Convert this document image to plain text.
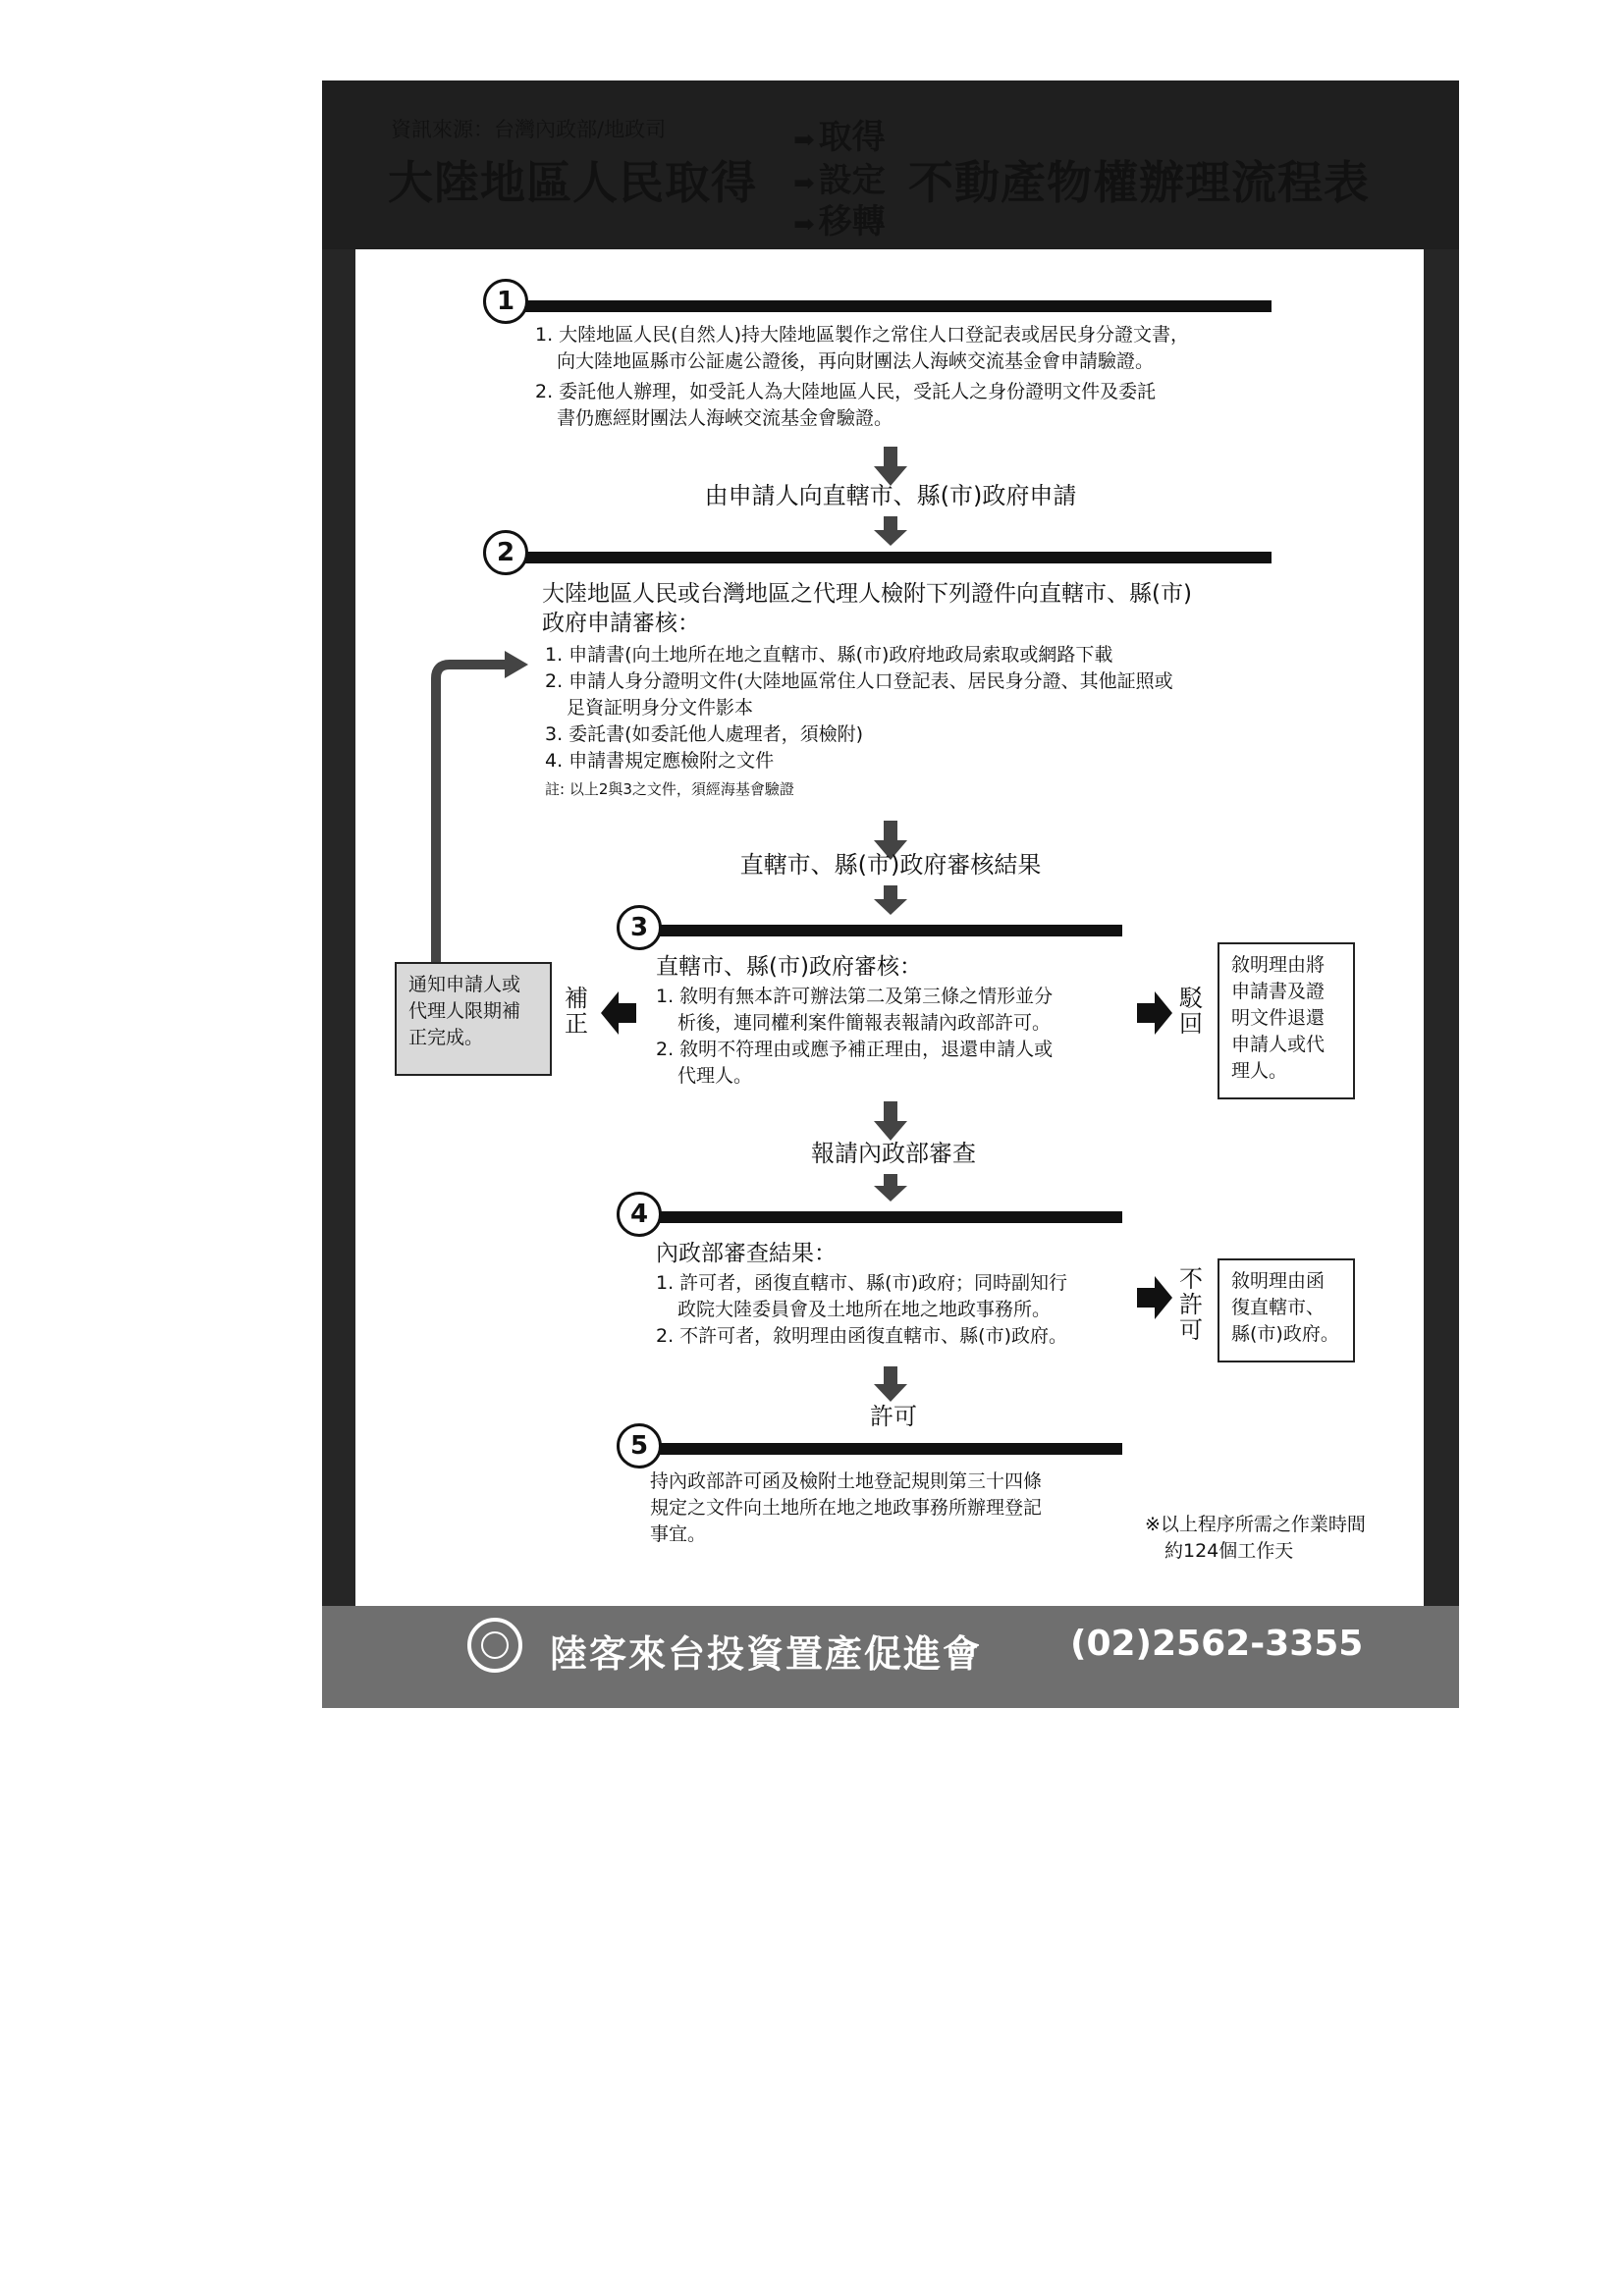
資訊來源：台灣內政部/地政司
大陸地區人民取得
➡ 取得
➡ 設定
➡ 移轉
不動產物權辦理流程表
1
1. 大陸地區人民(自然人)持大陸地區製作之常住人口登記表或居民身分證文書，
向大陸地區縣市公証處公證後，再向財團法人海峽交流基金會申請驗證。
2. 委託他人辦理，如受託人為大陸地區人民，受託人之身份證明文件及委託
書仍應經財團法人海峽交流基金會驗證。
由申請人向直轄市、縣(市)政府申請
2
大陸地區人民或台灣地區之代理人檢附下列證件向直轄市、縣(市)
政府申請審核：
1. 申請書(向土地所在地之直轄市、縣(市)政府地政局索取或網路下載
2. 申請人身分證明文件(大陸地區常住人口登記表、居民身分證、其他証照或
足資証明身分文件影本
3. 委託書(如委託他人處理者，須檢附)
4. 申請書規定應檢附之文件
註: 以上2與3之文件，須經海基會驗證
直轄市、縣(市)政府審核結果
3
直轄市、縣(市)政府審核：
1. 敘明有無本許可辦法第二及第三條之情形並分
析後，連同權利案件簡報表報請內政部許可。
2. 敘明不符理由或應予補正理由，退還申請人或
代理人。
補正
通知申請人或代理人限期補正完成。
駁回
敘明理由將申請書及證明文件退還申請人或代理人。
報請內政部審查
4
內政部審查結果：
1. 許可者，函復直轄市、縣(市)政府；同時副知行
政院大陸委員會及土地所在地之地政事務所。
2. 不許可者，敘明理由函復直轄市、縣(市)政府。
不許可
敘明理由函復直轄市、縣(市)政府。
許可
5
持內政部許可函及檢附土地登記規則第三十四條
規定之文件向土地所在地之地政事務所辦理登記
事宜。	※以上程序所需之作業時間
約124個工作天
陸客來台投資置產促進會 (02)2562-3355
